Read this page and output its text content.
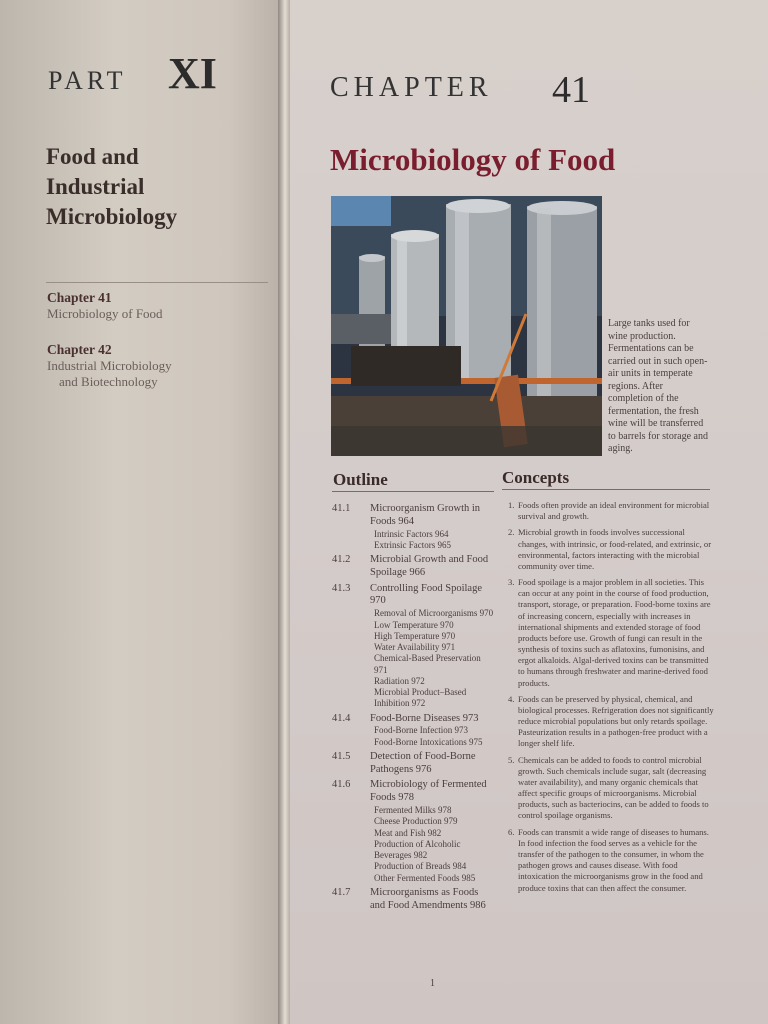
PART XI
Food and
Industrial
Microbiology
Chapter 41
Microbiology of Food
Chapter 42
Industrial Microbiology
and Biotechnology
CHAPTER 41
Microbiology of Food
Large tanks used for wine production. Fermentations can be carried out in such open-air units in temperate regions. After completion of the fermentation, the fresh wine will be transferred to barrels for storage and aging.
Outline	Concepts
41.1 Microorganism Growth in Foods 964
Intrinsic Factors 964
Extrinsic Factors 965
41.2 Microbial Growth and Food Spoilage 966
41.3 Controlling Food Spoilage 970
Removal of Microorganisms 970
Low Temperature 970
High Temperature 970
Water Availability 971
Chemical-Based Preservation 971
Radiation 972
Microbial Product–Based Inhibition 972
41.4 Food-Borne Diseases 973
Food-Borne Infection 973
Food-Borne Intoxications 975
41.5 Detection of Food-Borne Pathogens 976
41.6 Microbiology of Fermented Foods 978
Fermented Milks 978
Cheese Production 979
Meat and Fish 982
Production of Alcoholic Beverages 982
Production of Breads 984
Other Fermented Foods 985
41.7 Microorganisms as Foods and Food Amendments 986
1. Foods often provide an ideal environment for microbial survival and growth.
2. Microbial growth in foods involves successional changes, with intrinsic, or food-related, and extrinsic, or environmental, factors interacting with the microbial community over time.
3. Food spoilage is a major problem in all societies. This can occur at any point in the course of food production, transport, storage, or preparation. Food-borne toxins are of increasing concern, especially with increases in international shipments and extended storage of food products before use. Growth of fungi can result in the synthesis of toxins such as aflatoxins, fumonisins, and ergot alkaloids. Algal-derived toxins can be transmitted to humans through freshwater and marine-derived food products.
4. Foods can be preserved by physical, chemical, and biological processes. Refrigeration does not significantly reduce microbial populations but only retards spoilage. Pasteurization results in a pathogen-free product with a longer shelf life.
5. Chemicals can be added to foods to control microbial growth. Such chemicals include sugar, salt (decreasing water availability), and many organic chemicals that affect specific groups of microorganisms. Microbial products, such as bacteriocins, can be added to foods to control spoilage organisms.
6. Foods can transmit a wide range of diseases to humans. In food infection the food serves as a vehicle for the transfer of the pathogen to the consumer, in whom the pathogen grows and causes disease. With food intoxication the microorganisms grow in the food and produce toxins that can then affect the consumer.
1
